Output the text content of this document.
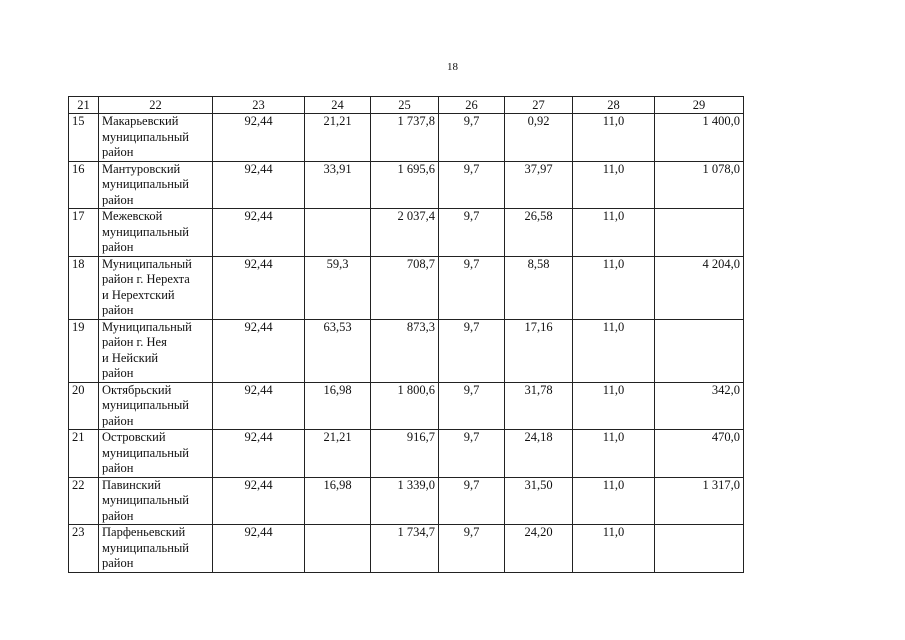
18
21	22	23	24	25	26	27	28	29
15	Макарьевский
муниципальный
район	92,44	21,21	1 737,8	9,7	0,92	11,0	1 400,0
16	Мантуровский
муниципальный
район	92,44	33,91	1 695,6	9,7	37,97	11,0	1 078,0
17	Межевской
муниципальный
район	92,44		2 037,4	9,7	26,58	11,0	
18	Муниципальный
район г. Нерехта
и Нерехтский
район	92,44	59,3	708,7	9,7	8,58	11,0	4 204,0
19	Муниципальный
район г. Нея
и Нейский
район	92,44	63,53	873,3	9,7	17,16	11,0	
20	Октябрьский
муниципальный
район	92,44	16,98	1 800,6	9,7	31,78	11,0	342,0
21	Островский
муниципальный
район	92,44	21,21	916,7	9,7	24,18	11,0	470,0
22	Павинский
муниципальный
район	92,44	16,98	1 339,0	9,7	31,50	11,0	1 317,0
23	Парфеньевский
муниципальный
район	92,44		1 734,7	9,7	24,20	11,0	
